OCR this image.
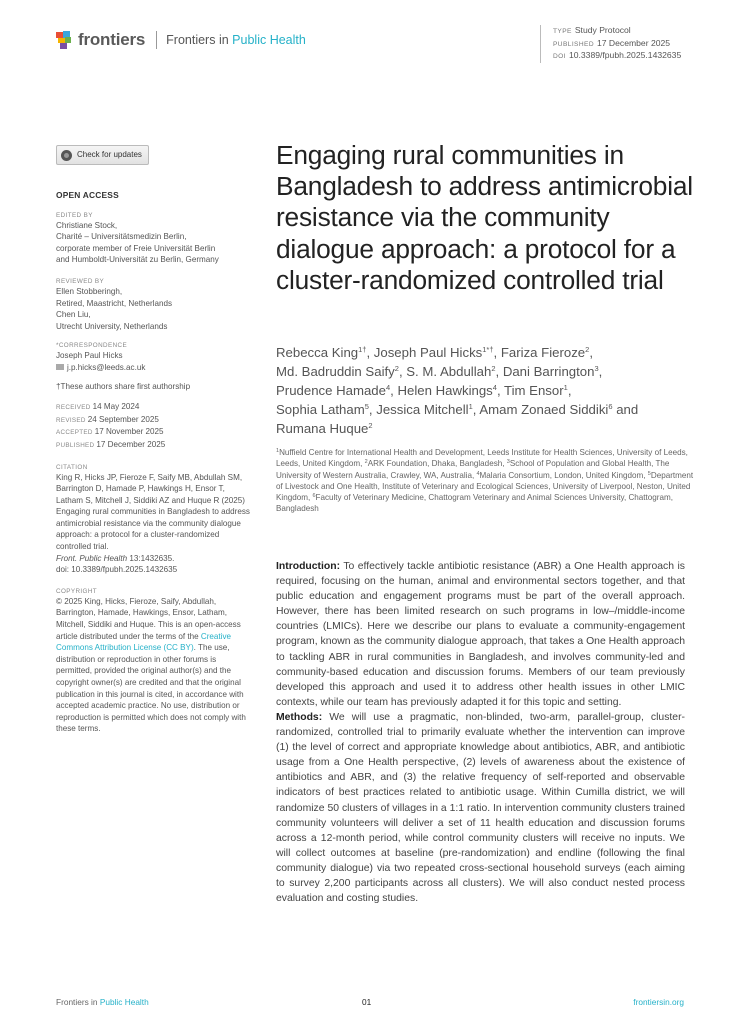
frontiers Frontiers in Public Health
TYPE Study Protocol
PUBLISHED 17 December 2025
DOI 10.3389/fpubh.2025.1432635
Check for updates
OPEN ACCESS
EDITED BY
Christiane Stock,
Charité – Universitätsmedizin Berlin,
corporate member of Freie Universität Berlin
and Humboldt-Universität zu Berlin, Germany
REVIEWED BY
Ellen Stobberingh,
Retired, Maastricht, Netherlands
Chen Liu,
Utrecht University, Netherlands
*CORRESPONDENCE
Joseph Paul Hicks
j.p.hicks@leeds.ac.uk
†These authors share first authorship
RECEIVED 14 May 2024
REVISED 24 September 2025
ACCEPTED 17 November 2025
PUBLISHED 17 December 2025
CITATION
King R, Hicks JP, Fieroze F, Saify MB, Abdullah SM, Barrington D, Hamade P, Hawkings H, Ensor T, Latham S, Mitchell J, Siddiki AZ and Huque R (2025) Engaging rural communities in Bangladesh to address antimicrobial resistance via the community dialogue approach: a protocol for a cluster-randomized controlled trial.
Front. Public Health 13:1432635.
doi: 10.3389/fpubh.2025.1432635
COPYRIGHT
© 2025 King, Hicks, Fieroze, Saify, Abdullah, Barrington, Hamade, Hawkings, Ensor, Latham, Mitchell, Siddiki and Huque. This is an open-access article distributed under the terms of the Creative Commons Attribution License (CC BY). The use, distribution or reproduction in other forums is permitted, provided the original author(s) and the copyright owner(s) are credited and that the original publication in this journal is cited, in accordance with accepted academic practice. No use, distribution or reproduction is permitted which does not comply with these terms.
Engaging rural communities in Bangladesh to address antimicrobial resistance via the community dialogue approach: a protocol for a cluster-randomized controlled trial
Rebecca King$^{1\dagger}$, Joseph Paul Hicks$^{1*\dagger}$, Fariza Fieroze$^2$,
Md. Badruddin Saify$^2$, S. M. Abdullah$^2$, Dani Barrington$^3$,
Prudence Hamade$^4$, Helen Hawkings$^4$, Tim Ensor$^1$,
Sophia Latham$^5$, Jessica Mitchell$^1$, Amam Zonaed Siddiki$^6$ and
Rumana Huque$^2$
$^1$Nuffield Centre for International Health and Development, Leeds Institute for Health Sciences, University of Leeds, Leeds, United Kingdom, $^2$ARK Foundation, Dhaka, Bangladesh, $^3$School of Population and Global Health, The University of Western Australia, Crawley, WA, Australia, $^4$Malaria Consortium, London, United Kingdom, $^5$Department of Livestock and One Health, Institute of Veterinary and Ecological Sciences, University of Liverpool, Neston, United Kingdom, $^6$Faculty of Veterinary Medicine, Chattogram Veterinary and Animal Sciences University, Chattogram, Bangladesh

Introduction: To effectively tackle antibiotic resistance (ABR) a One Health approach is required, focusing on the human, animal and environmental sectors together, and that public education and engagement programs must be part of the overall approach. However, there has been limited research on such programs in low–/middle-income countries (LMICs). Here we describe our plans to evaluate a community-engagement program, known as the community dialogue approach, that takes a One Health approach to tackling ABR in rural communities in Bangladesh, and involves community-led and community-based education and discussion forums. Members of our team previously developed this approach and used it to address other health issues in other LMIC contexts, while our team has previously adapted it for this topic and setting.

Methods: We will use a pragmatic, non-blinded, two-arm, parallel-group, cluster-randomized, controlled trial to primarily evaluate whether the intervention can improve (1) the level of correct and appropriate knowledge about antibiotics, ABR, and antibiotic usage from a One Health perspective, (2) levels of awareness about the existence of antibiotics and ABR, and (3) the relative frequency of self-reported and observable indicators of best practices related to antibiotic usage. Within Cumilla district, we will randomize 50 clusters of villages in a 1:1 ratio. In intervention community clusters trained community volunteers will deliver a set of 11 health education and discussion forums across a 12-month period, while control community clusters will receive no inputs. We will collect outcomes at baseline (pre-randomization) and endline (following the final community dialogue) via two repeated cross-sectional household surveys (each aiming to survey 2,200 participants across all clusters). We will also conduct nested process evaluation and costing studies.

Frontiers in Public Health	01	frontiersin.org
